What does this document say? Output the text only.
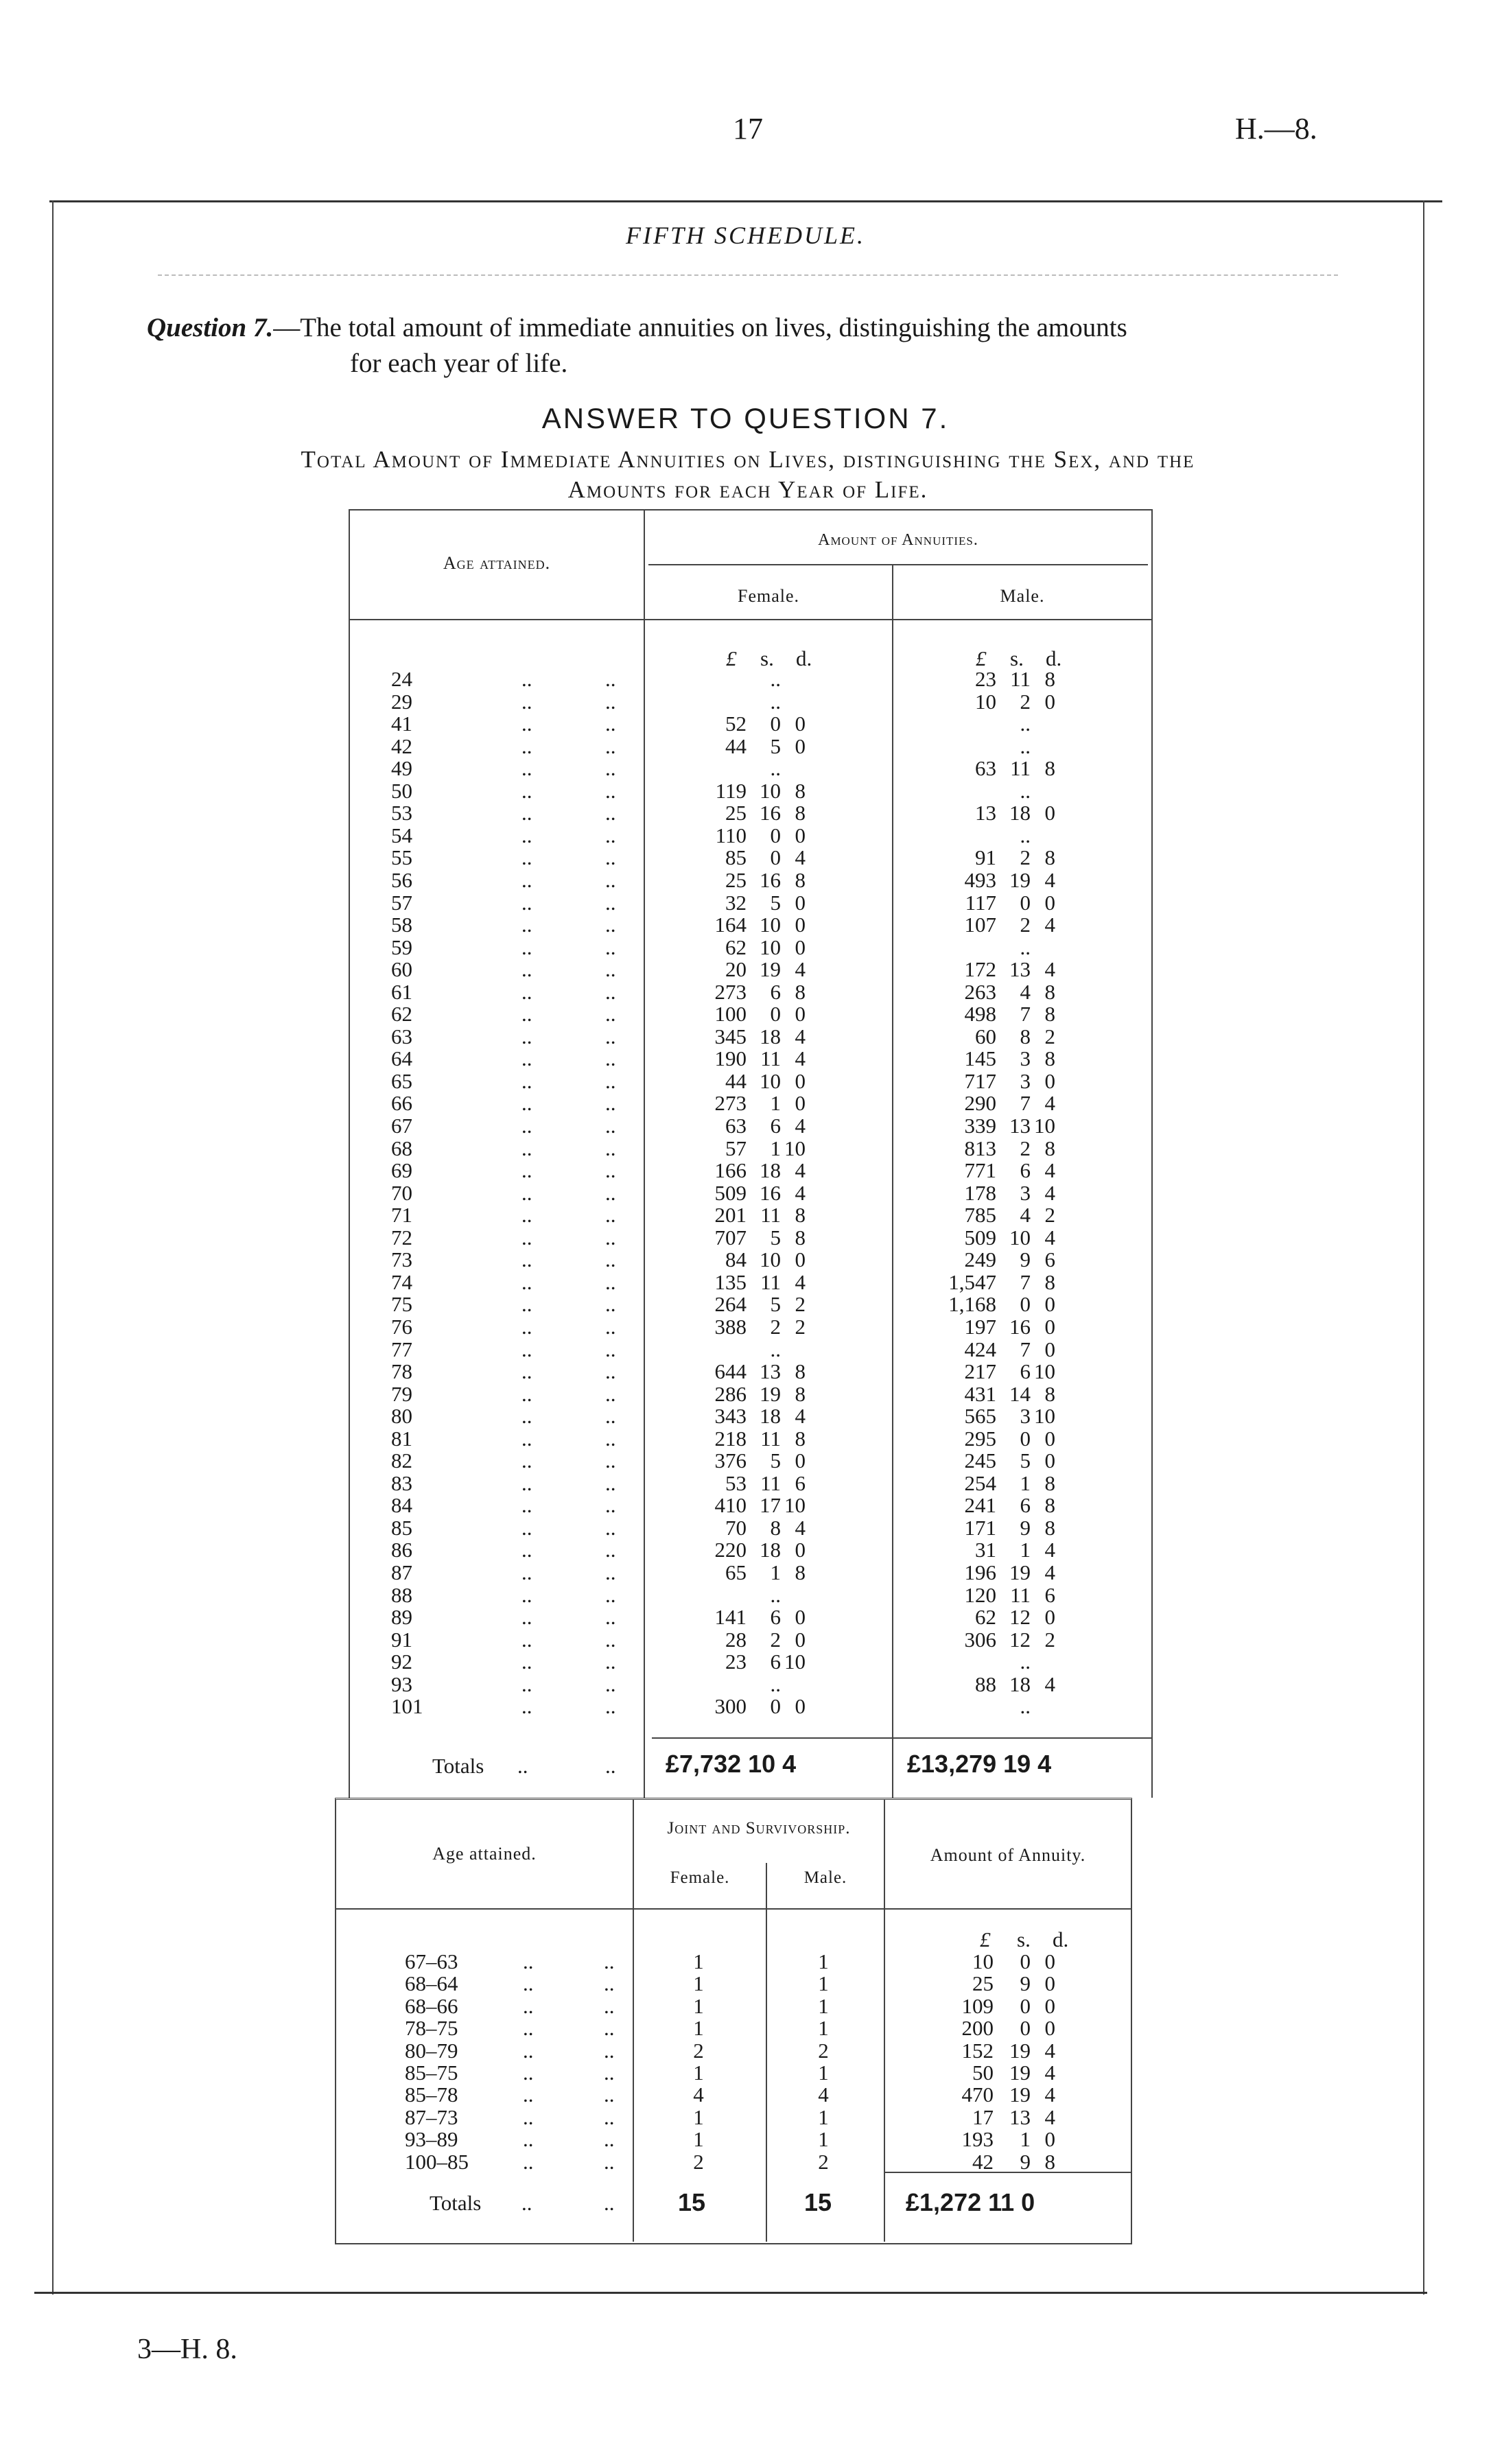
17	H.—8.
FIFTH SCHEDULE.
Question 7.—The total amount of immediate annuities on lives, distinguishing the amounts
for each year of life.
ANSWER TO QUESTION 7.
Total Amount of Immediate Annuities on Lives, distinguishing the Sex, and the
Amounts for each Year of Life.
Age attained.
Amount of Annuities.
Female.	Male.
£ s. d.	£ s. d.
24	..	..	..	23 11 8
29	..	..	..	10 2 0
41	..	..	52 0 0	..
42	..	..	44 5 0	..
49	..	..	..	63 11 8
50	..	..	119 10 8	..
53	..	..	25 16 8	13 18 0
54	..	..	110 0 0	..
55	..	..	85 0 4	91 2 8
56	..	..	25 16 8	493 19 4
57	..	..	32 5 0	117 0 0
58	..	..	164 10 0	107 2 4
59	..	..	62 10 0	..
60	..	..	20 19 4	172 13 4
61	..	..	273 6 8	263 4 8
62	..	..	100 0 0	498 7 8
63	..	..	345 18 4	60 8 2
64	..	..	190 11 4	145 3 8
65	..	..	44 10 0	717 3 0
66	..	..	273 1 0	290 7 4
67	..	..	63 6 4	339 13 10
68	..	..	57 1 10	813 2 8
69	..	..	166 18 4	771 6 4
70	..	..	509 16 4	178 3 4
71	..	..	201 11 8	785 4 2
72	..	..	707 5 8	509 10 4
73	..	..	84 10 0	249 9 6
74	..	..	135 11 4	1,547 7 8
75	..	..	264 5 2	1,168 0 0
76	..	..	388 2 2	197 16 0
77	..	..	..	424 7 0
78	..	..	644 13 8	217 6 10
79	..	..	286 19 8	431 14 8
80	..	..	343 18 4	565 3 10
81	..	..	218 11 8	295 0 0
82	..	..	376 5 0	245 5 0
83	..	..	53 11 6	254 1 8
84	..	..	410 17 10	241 6 8
85	..	..	70 8 4	171 9 8
86	..	..	220 18 0	31 1 4
87	..	..	65 1 8	196 19 4
88	..	..	..	120 11 6
89	..	..	141 6 0	62 12 0
91	..	..	28 2 0	306 12 2
92	..	..	23 6 10	..
93	..	..	..	88 18 4
101	..	..	300 0 0	..
Totals ..	.. £7,732 10 4	£13,279 19 4
Age attained.
Joint and Survivorship.
Female.	Male.
Amount of Annuity.
£ s. d.
67–63	..	..	1	1	10 0 0
68–64	..	..	1	1	25 9 0
68–66	..	..	1	1	109 0 0
78–75	..	..	1	1	200 0 0
80–79	..	..	2	2	152 19 4
85–75	..	..	1	1	50 19 4
85–78	..	..	4	4	470 19 4
87–73	..	..	1	1	17 13 4
93–89	..	..	1	1	193 1 0
100–85	..	..	2	2	42 9 8
Totals ..	..	15	15	£1,272 11 0
3—H. 8.
